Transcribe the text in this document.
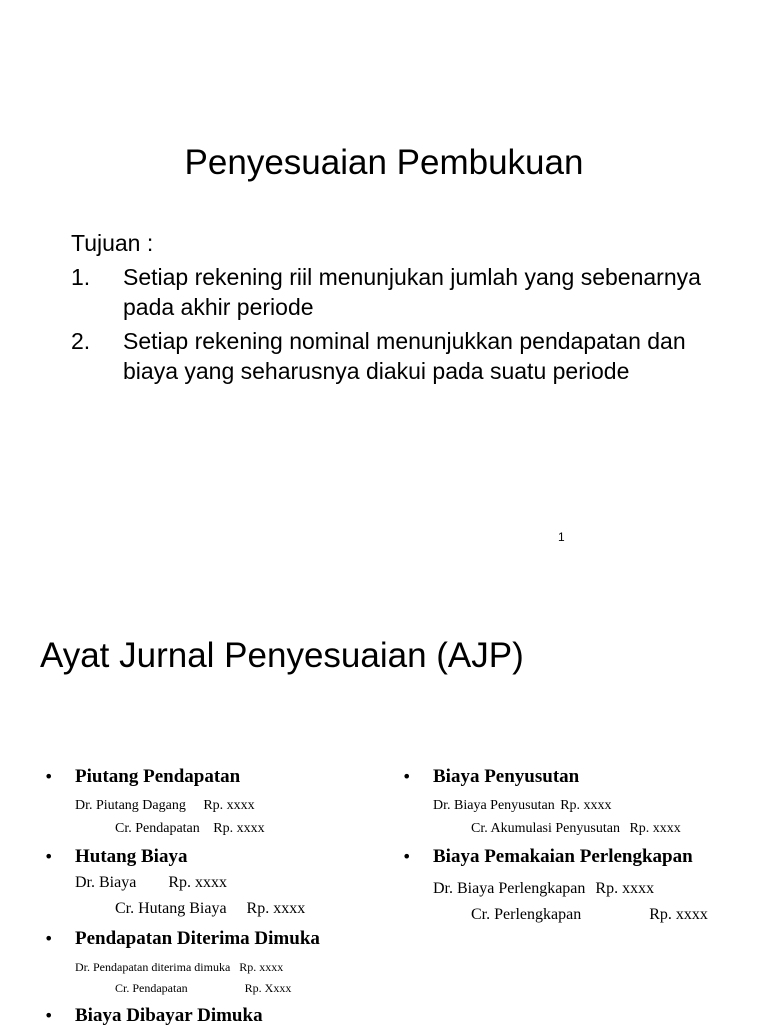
Penyesuaian Pembukuan
Tujuan :
1. Setiap rekening riil menunjukan jumlah yang sebenarnya pada akhir periode
2. Setiap rekening nominal menunjukkan pendapatan dan biaya yang seharusnya diakui pada suatu periode
1
Ayat Jurnal Penyesuaian (AJP)
• Piutang Pendapatan
Dr. Piutang Dagang Rp. xxxx
Cr. Pendapatan Rp. xxxx
• Hutang Biaya
Dr. Biaya Rp. xxxx
Cr. Hutang Biaya Rp. xxxx
• Pendapatan Diterima Dimuka
Dr. Pendapatan diterima dimuka Rp. xxxx
Cr. Pendapatan	Rp. Xxxx
• Biaya Dibayar Dimuka
• Biaya Penyusutan
Dr. Biaya Penyusutan Rp. xxxx
Cr. Akumulasi Penyusutan Rp. xxxx
• Biaya Pemakaian Perlengkapan
Dr. Biaya Perlengkapan Rp. xxxx
Cr. Perlengkapan	Rp. xxxx
